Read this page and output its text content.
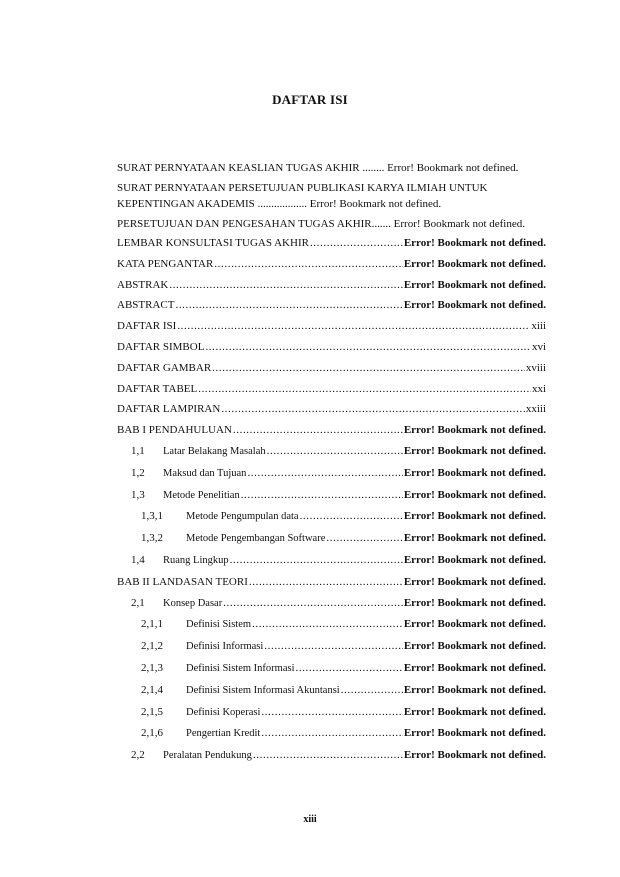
DAFTAR ISI
SURAT PERNYATAAN KEASLIAN TUGAS AKHIR ........ Error! Bookmark not defined.
SURAT PERNYATAAN PERSETUJUAN PUBLIKASI KARYA ILMIAH UNTUK KEPENTINGAN AKADEMIS .................. Error! Bookmark not defined.
PERSETUJUAN DAN PENGESAHAN TUGAS AKHIR....... Error! Bookmark not defined.
LEMBAR KONSULTASI TUGAS AKHIR .....	Error! Bookmark not defined.
KATA PENGANTAR .....	Error! Bookmark not defined.
ABSTRAK .....	Error! Bookmark not defined.
ABSTRACT .....	Error! Bookmark not defined.
DAFTAR ISI .....	xiii
DAFTAR SIMBOL .....	xvi
DAFTAR GAMBAR .....	xviii
DAFTAR TABEL .....	xxi
DAFTAR LAMPIRAN .....	xxiii
BAB I PENDAHULUAN .....	Error! Bookmark not defined.
1,1	Latar Belakang Masalah .....	Error! Bookmark not defined.
1,2	Maksud dan Tujuan .....	Error! Bookmark not defined.
1,3	Metode Penelitian .....	Error! Bookmark not defined.
1,3,1	Metode Pengumpulan data .....	Error! Bookmark not defined.
1,3,2	Metode Pengembangan Software .....	Error! Bookmark not defined.
1,4	Ruang Lingkup .....	Error! Bookmark not defined.
BAB II LANDASAN TEORI .....	Error! Bookmark not defined.
2,1	Konsep Dasar .....	Error! Bookmark not defined.
2,1,1	Definisi Sistem .....	Error! Bookmark not defined.
2,1,2	Definisi Informasi .....	Error! Bookmark not defined.
2,1,3	Definisi Sistem Informasi .....	Error! Bookmark not defined.
2,1,4	Definisi Sistem Informasi Akuntansi .....	Error! Bookmark not defined.
2,1,5	Definisi Koperasi .....	Error! Bookmark not defined.
2,1,6	Pengertian Kredit .....	Error! Bookmark not defined.
2,2	Peralatan Pendukung .....	Error! Bookmark not defined.
xiii
